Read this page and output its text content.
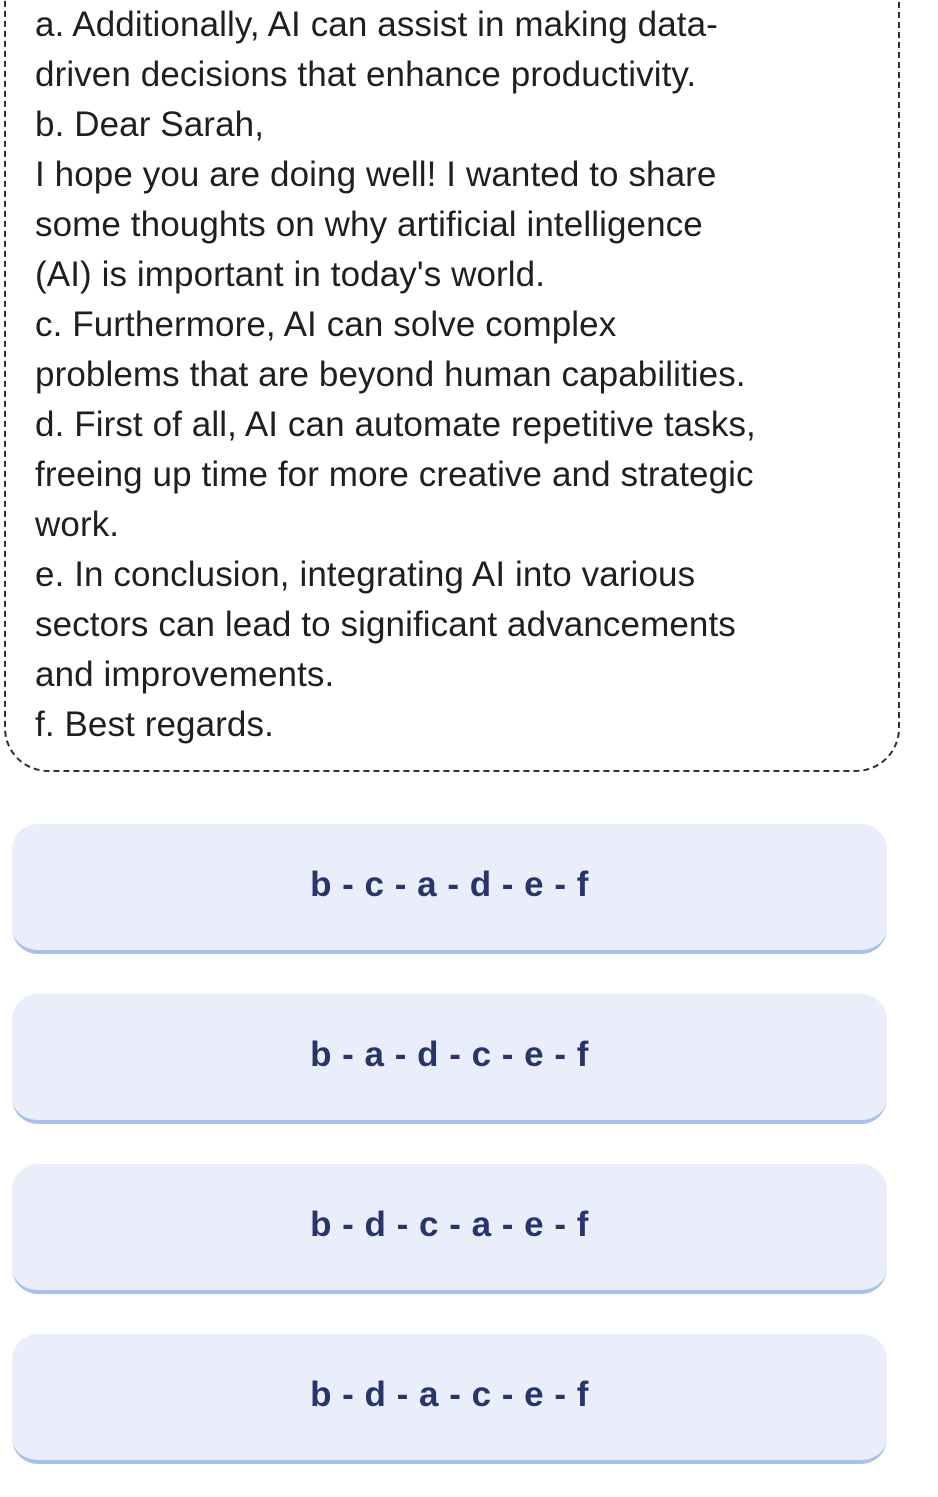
a. Additionally, AI can assist in making data-
driven decisions that enhance productivity.
b. Dear Sarah,
I hope you are doing well! I wanted to share
some thoughts on why artificial intelligence
(AI) is important in today's world.
c. Furthermore, AI can solve complex
problems that are beyond human capabilities.
d. First of all, AI can automate repetitive tasks,
freeing up time for more creative and strategic
work.
e. In conclusion, integrating AI into various
sectors can lead to significant advancements
and improvements.
f. Best regards.
b - c - a - d - e - f
b - a - d - c - e - f
b - d - c - a - e - f
b - d - a - c - e - f
